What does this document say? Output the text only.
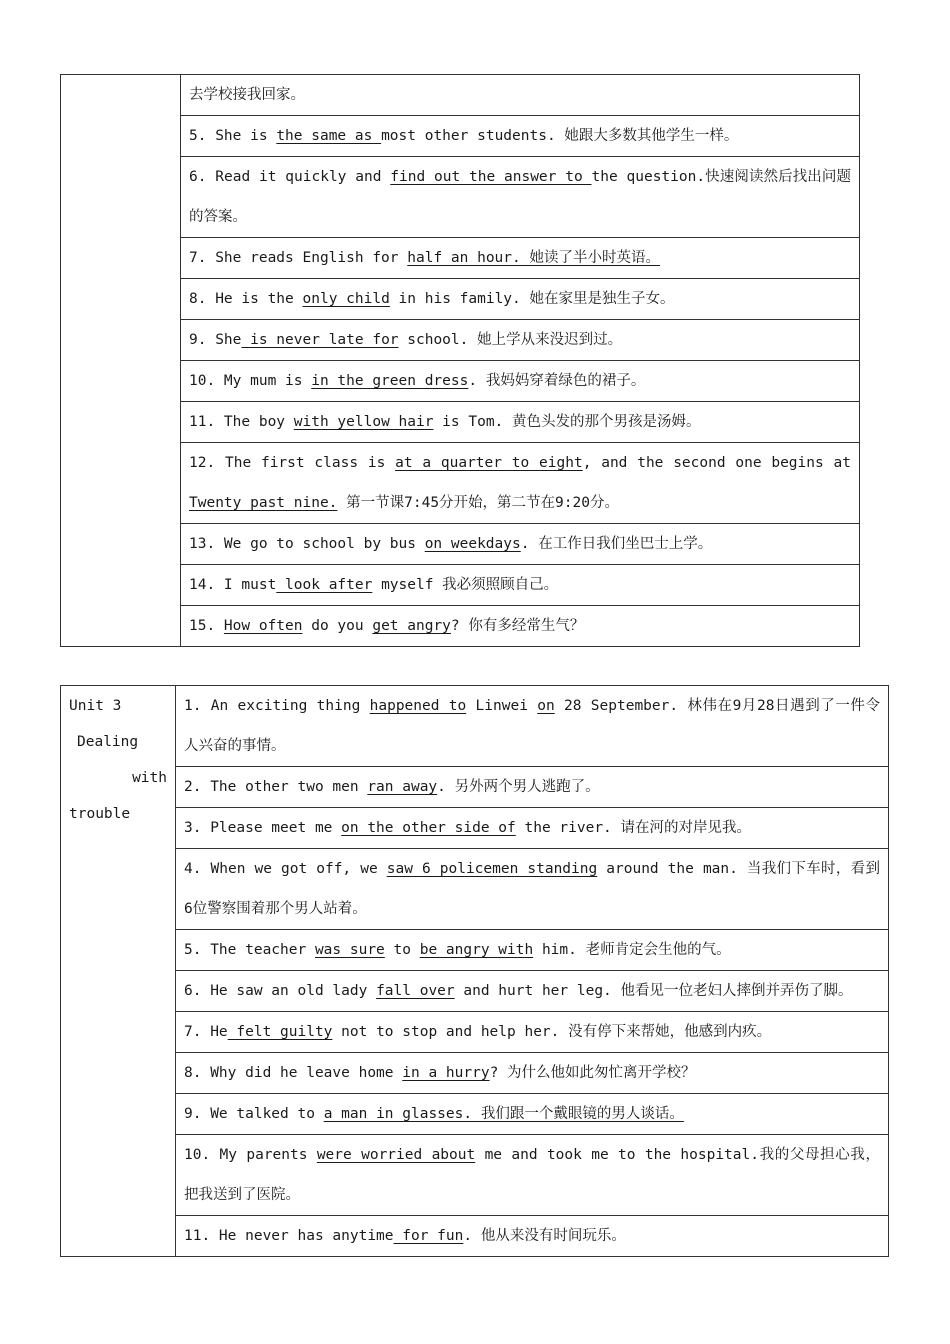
去学校接我回家。

5. She is the same as most other students. 她跟大多数其他学生一样。

6. Read it quickly and find out the answer to the question.快速阅读然后找出问题的答案。

7. She reads English for half an hour. 她读了半小时英语。

8. He is the only child in his family. 她在家里是独生子女。

9. She is never late for school. 她上学从来没迟到过。

10. My mum is in the green dress. 我妈妈穿着绿色的裙子。

11. The boy with yellow hair is Tom. 黄色头发的那个男孩是汤姆。

12. The first class is at a quarter to eight, and the second one begins at Twenty past nine. 第一节课7:45分开始，第二节在9:20分。

13. We go to school by bus on weekdays. 在工作日我们坐巴士上学。

14. I must look after myself 我必须照顾自己。

15. How often do you get angry? 你有多经常生气？
Unit 3
Dealing
with
trouble

1. An exciting thing happened to Linwei on 28 September. 林伟在9月28日遇到了一件令人兴奋的事情。

2. The other two men ran away. 另外两个男人逃跑了。

3. Please meet me on the other side of the river. 请在河的对岸见我。

4. When we got off, we saw 6 policemen standing around the man. 当我们下车时，看到6位警察围着那个男人站着。

5. The teacher was sure to be angry with him. 老师肯定会生他的气。

6. He saw an old lady fall over and hurt her leg. 他看见一位老妇人摔倒并弄伤了脚。

7. He felt guilty not to stop and help her. 没有停下来帮她，他感到内疚。

8. Why did he leave home in a hurry? 为什么他如此匆忙离开学校？

9. We talked to a man in glasses. 我们跟一个戴眼镜的男人谈话。

10. My parents were worried about me and took me to the hospital.我的父母担心我，把我送到了医院。

11. He never has anytime for fun. 他从来没有时间玩乐。
